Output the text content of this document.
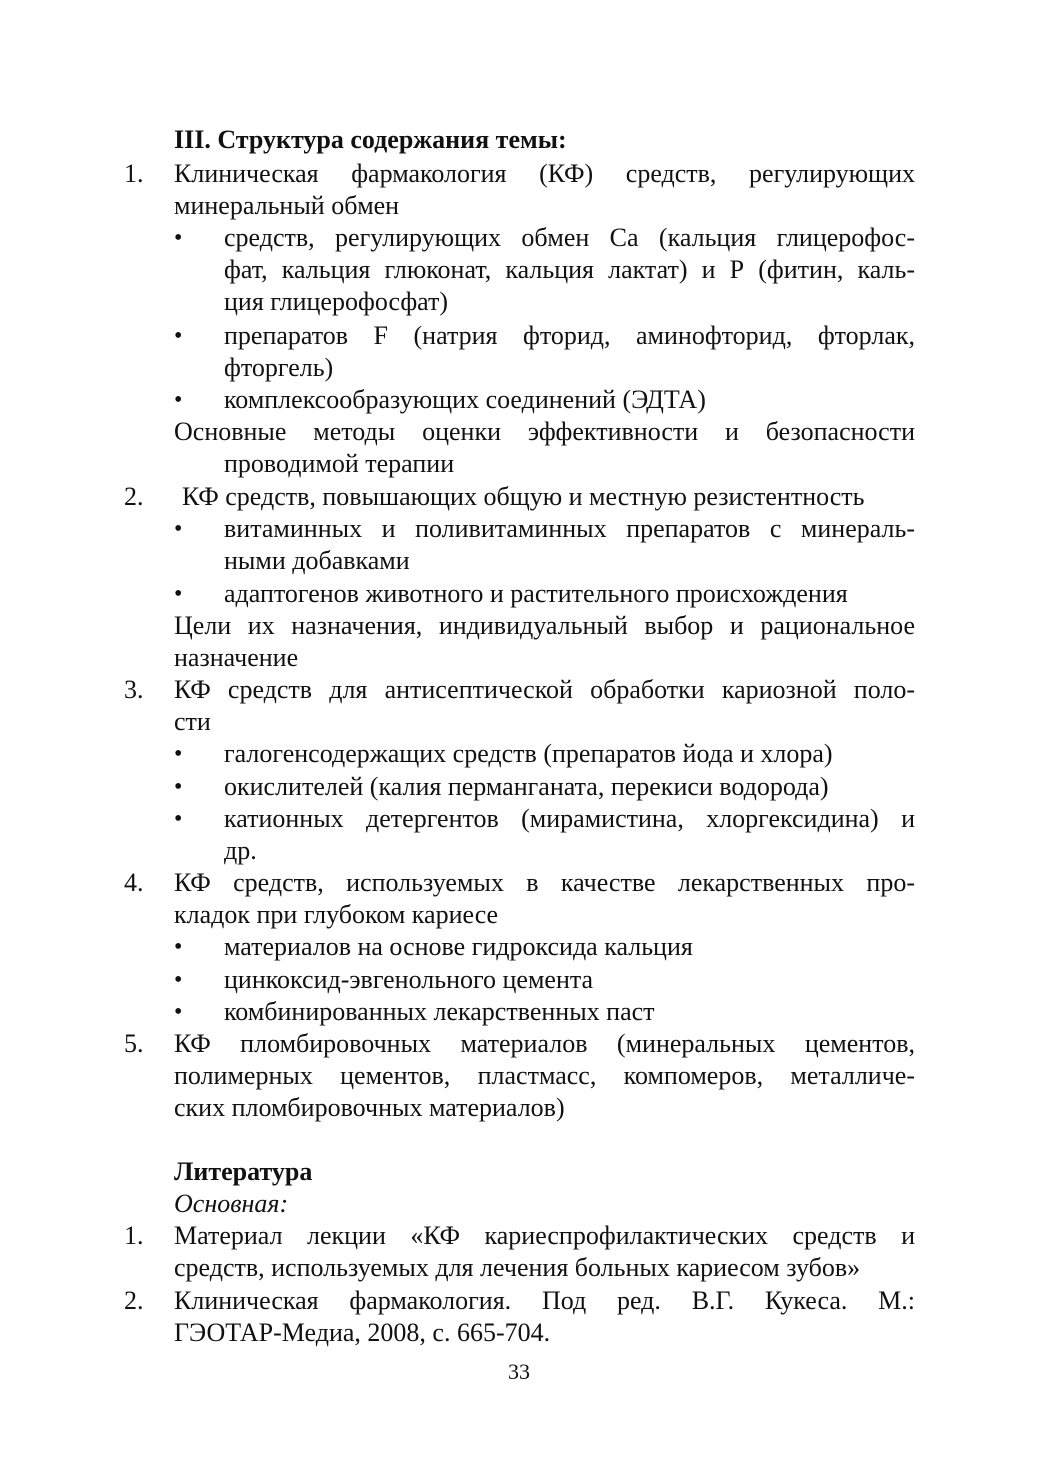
III. Структура содержания темы:
1. Клиническая фармакология (КФ) средств, регулирующих
минеральный обмен
• средств, регулирующих обмен Са (кальция глицерофос-
фат, кальция глюконат, кальция лактат) и Р (фитин, каль-
ция глицерофосфат)
• препаратов F (натрия фторид, аминофторид, фторлак,
фторгель)
• комплексообразующих соединений (ЭДТА)
Основные методы оценки эффективности и безопасности
проводимой терапии
2. КФ средств, повышающих общую и местную резистентность
• витаминных и поливитаминных препаратов с минераль-
ными добавками
• адаптогенов животного и растительного происхождения
Цели их назначения, индивидуальный выбор и рациональное
назначение
3. КФ средств для антисептической обработки кариозной поло-
сти
• галогенсодержащих средств (препаратов йода и хлора)
• окислителей (калия перманганата, перекиси водорода)
• катионных детергентов (мирамистина, хлоргексидина) и
др.
4. КФ средств, используемых в качестве лекарственных про-
кладок при глубоком кариесе
• материалов на основе гидроксида кальция
• цинкоксид-эвгенольного цемента
• комбинированных лекарственных паст
5. КФ пломбировочных материалов (минеральных цементов,
полимерных цементов, пластмасс, компомеров, металличе-
ских пломбировочных материалов)
Литература
Основная:
1. Материал лекции «КФ кариеспрофилактических средств и
средств, используемых для лечения больных кариесом зубов»
2. Клиническая фармакология. Под ред. В.Г. Кукеса. М.:
ГЭОТАР-Медиа, 2008, с. 665-704.
33
